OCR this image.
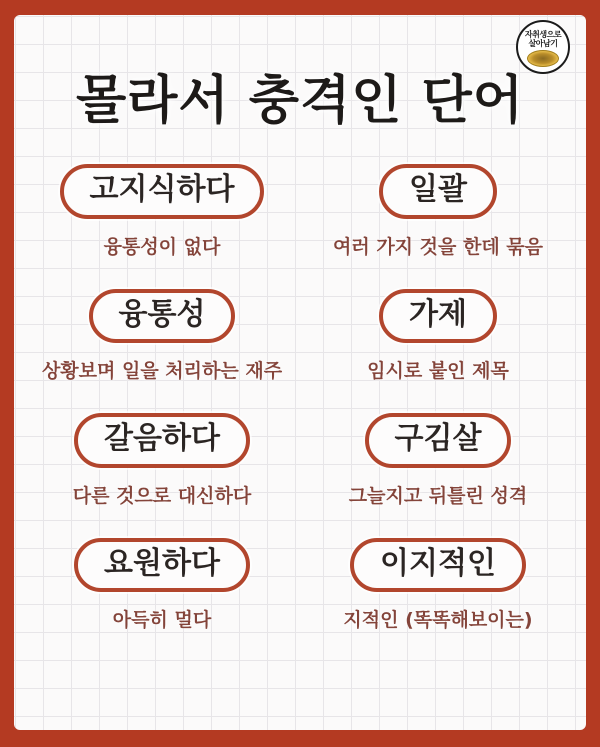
자취생으로
살아남기
몰라서 충격인 단어
고지식하다
융통성이 없다
일괄
여러 가지 것을 한데 묶음
융통성
상황보며 일을 처리하는 재주
가제
임시로 붙인 제목
갈음하다
다른 것으로 대신하다
구김살
그늘지고 뒤틀린 성격
요원하다
아득히 멀다
이지적인
지적인 (똑똑해보이는)
